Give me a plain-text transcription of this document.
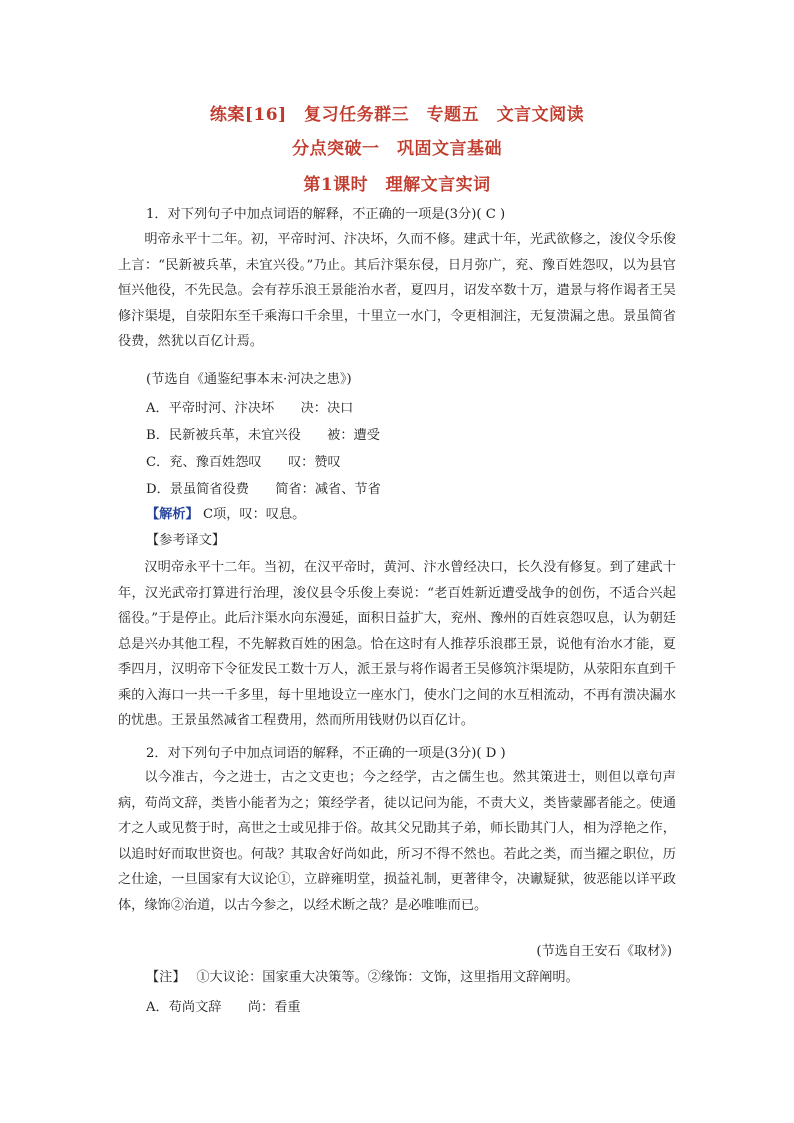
练案[16]　复习任务群三　专题五　文言文阅读
分点突破一　巩固文言基础
第1课时　理解文言实词
1．对下列句子中加点词语的解释，不正确的一项是(3分)( C )

明帝永平十二年。初，平帝时河、汴决坏，久而不修。建武十年，光武欲修之，浚仪令乐俊上言：“民新被兵革，未宜兴役。”乃止。其后汴渠东侵，日月弥广，兖、豫百姓怨叹，以为县官恒兴他役，不先民急。会有荐乐浪王景能治水者，夏四月，诏发卒数十万，遣景与将作谒者王吴修汴渠堤，自荥阳东至千乘海口千余里，十里立一水门，令更相洄注，无复溃漏之患。景虽简省役费，然犹以百亿计焉。

(节选自《通鉴纪事本末·河决之患》)
A．平帝时河、汴决坏　　决：决口
B．民新被兵革，未宜兴役　　被：遭受
C．兖、豫百姓怨叹　　叹：赞叹
D．景虽简省役费　　简省：减省、节省
【解析】 C项，叹：叹息。
【参考译文】

汉明帝永平十二年。当初，在汉平帝时，黄河、汴水曾经决口，长久没有修复。到了建武十年，汉光武帝打算进行治理，浚仪县令乐俊上奏说：“老百姓新近遭受战争的创伤，不适合兴起徭役。”于是停止。此后汴渠水向东漫延，面积日益扩大，兖州、豫州的百姓哀怨叹息，认为朝廷总是兴办其他工程，不先解救百姓的困急。恰在这时有人推荐乐浪郡王景，说他有治水才能，夏季四月，汉明帝下令征发民工数十万人，派王景与将作谒者王吴修筑汴渠堤防，从荥阳东直到千乘的入海口一共一千多里，每十里地设立一座水门，使水门之间的水互相流动，不再有溃决漏水的忧患。王景虽然减省工程费用，然而所用钱财仍以百亿计。

2．对下列句子中加点词语的解释，不正确的一项是(3分)( D )

以今准古，今之进士，古之文吏也；今之经学，古之儒生也。然其策进士，则但以章句声病，苟尚文辞，类皆小能者为之；策经学者，徒以记问为能，不责大义，类皆蒙鄙者能之。使通才之人或见赘于时，高世之士或见排于俗。故其父兄勖其子弟，师长勖其门人，相为浮艳之作，以追时好而取世资也。何哉？其取舍好尚如此，所习不得不然也。若此之类，而当擢之职位，历之仕途，一旦国家有大议论①，立辟雍明堂，损益礼制，更著律令，决谳疑狱，彼恶能以详平政体，缘饰②治道，以古今参之，以经术断之哉？是必唯唯而已。

(节选自王安石《取材》)
【注】　 ①大议论：国家重大决策等。②缘饰：文饰，这里指用文辞阐明。
A．苟尚文辞　　尚：看重
